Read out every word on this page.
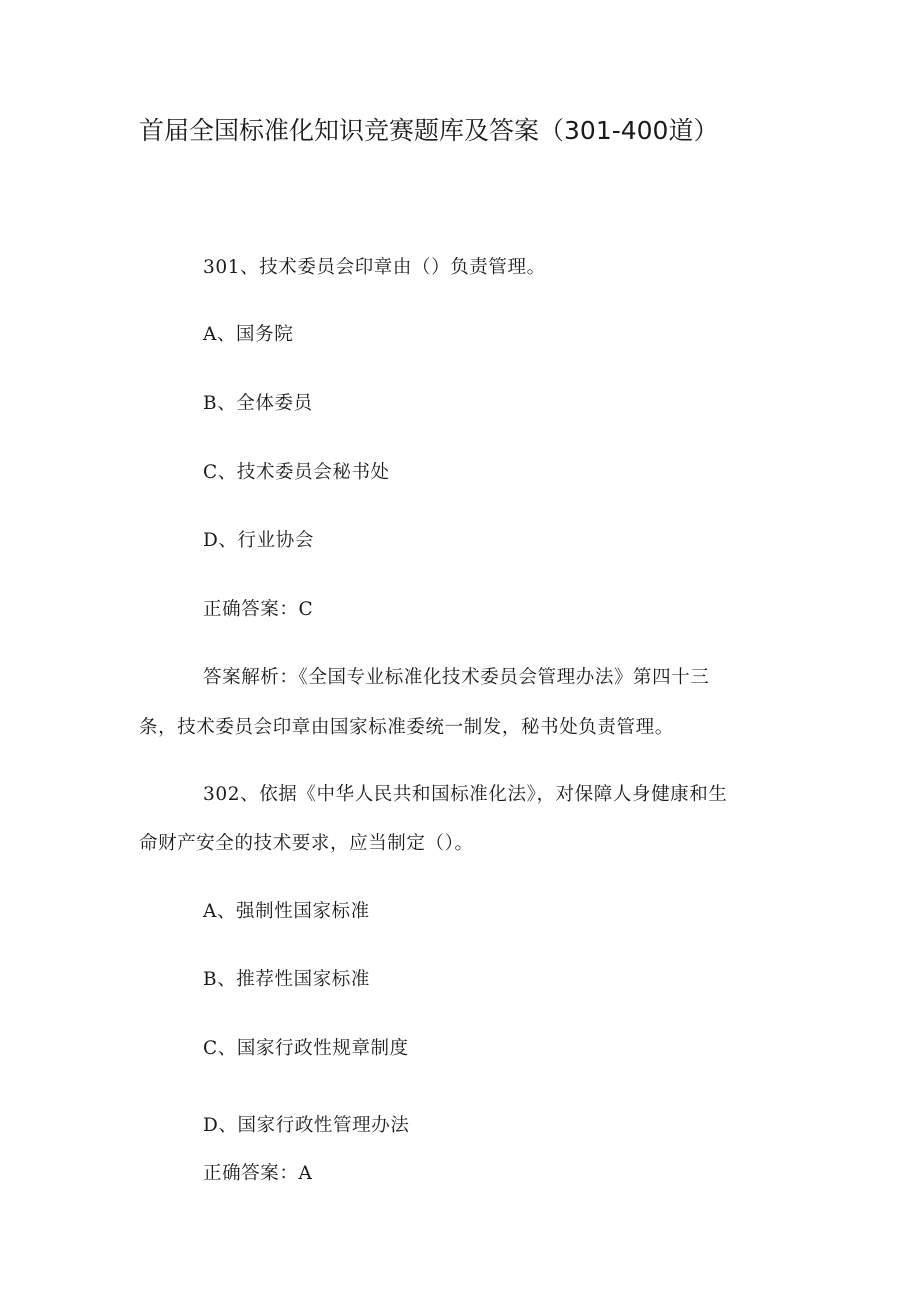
首届全国标准化知识竞赛题库及答案（301-400道）
301、技术委员会印章由（）负责管理。
A、国务院
B、全体委员
C、技术委员会秘书处
D、行业协会
正确答案：C
答案解析：《全国专业标准化技术委员会管理办法》第四十三
条，技术委员会印章由国家标准委统一制发，秘书处负责管理。
302、依据《中华人民共和国标准化法》，对保障人身健康和生
命财产安全的技术要求，应当制定（）。
A、强制性国家标准
B、推荐性国家标准
C、国家行政性规章制度
D、国家行政性管理办法
正确答案：A
